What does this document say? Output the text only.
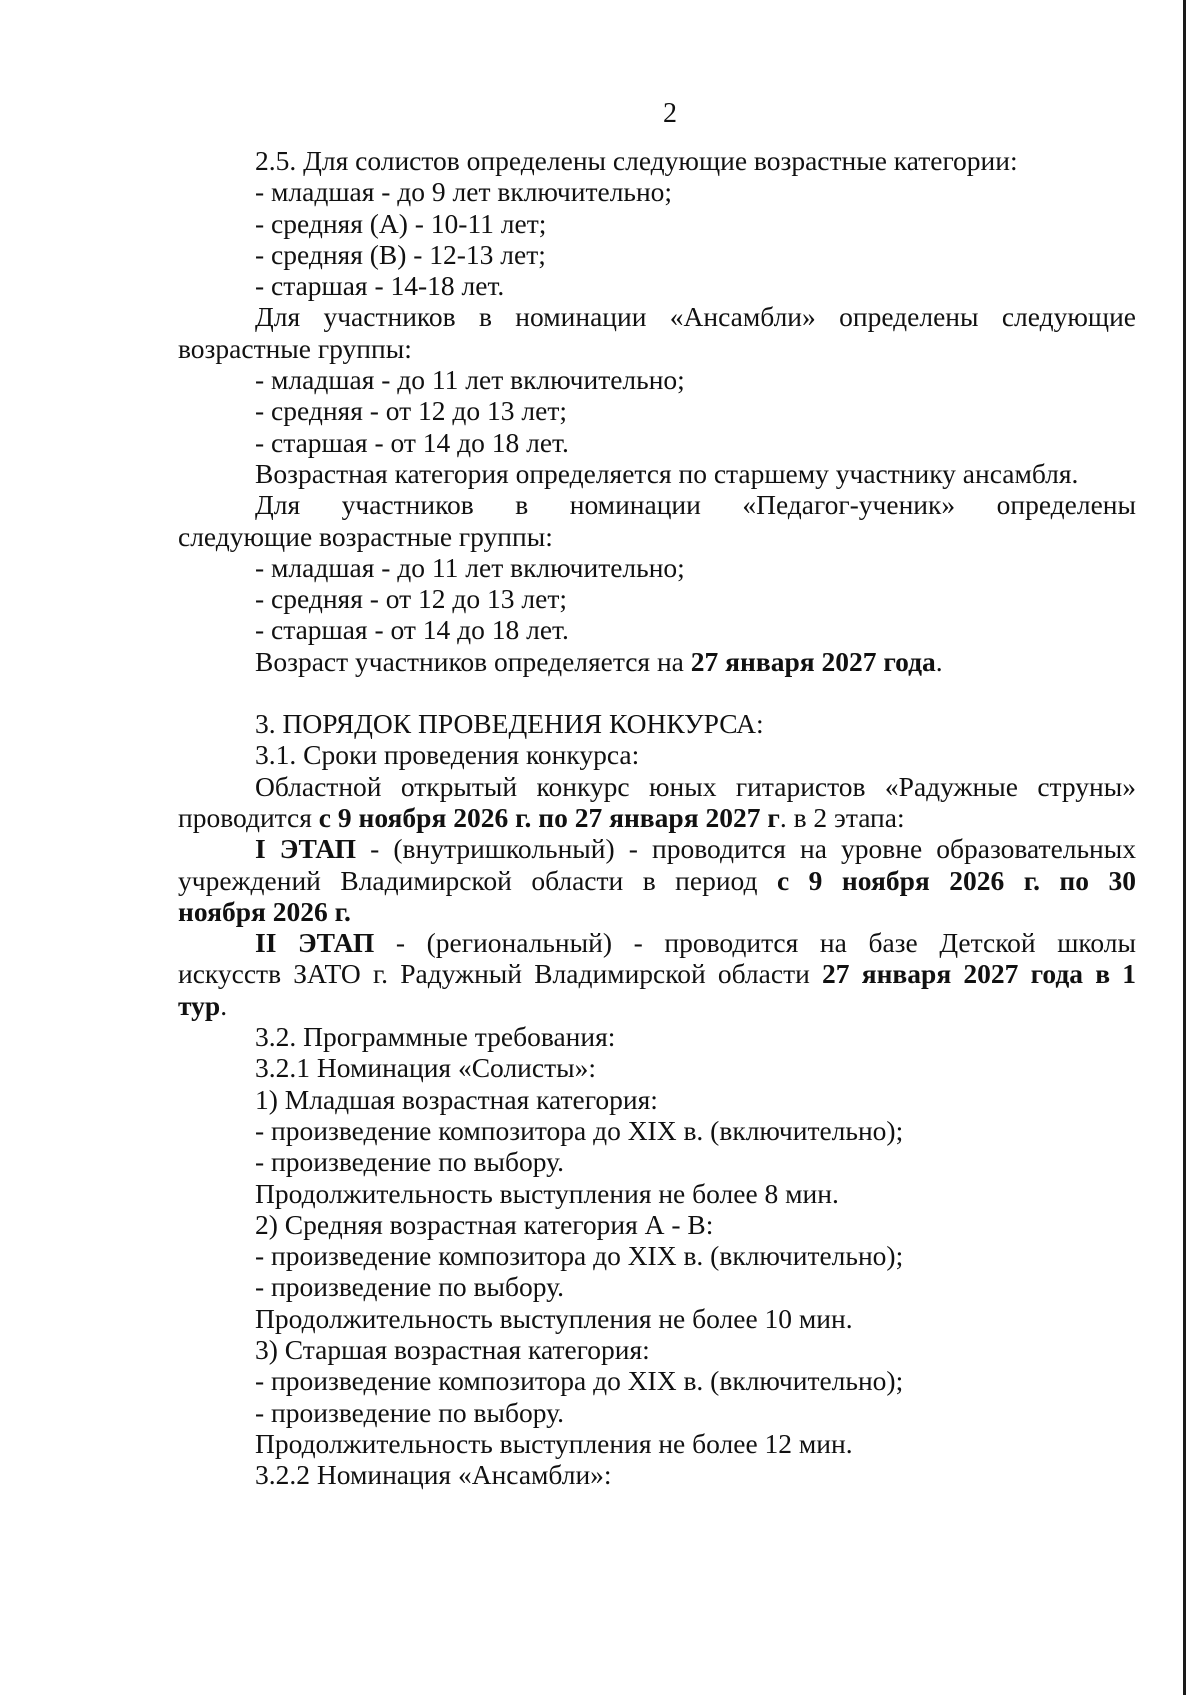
2
2.5. Для солистов определены следующие возрастные категории:
- младшая - до 9 лет включительно;
- средняя (А) - 10-11 лет;
- средняя (В) - 12-13 лет;
- старшая - 14-18 лет.
Для участников в номинации «Ансамбли» определены следующие
возрастные группы:
- младшая - до 11 лет включительно;
- средняя - от 12 до 13 лет;
- старшая - от 14 до 18 лет.
Возрастная категория определяется по старшему участнику ансамбля.
Для участников в номинации «Педагог-ученик» определены
следующие возрастные группы:
- младшая - до 11 лет включительно;
- средняя - от 12 до 13 лет;
- старшая - от 14 до 18 лет.
Возраст участников определяется на 27 января 2027 года.
3. ПОРЯДОК ПРОВЕДЕНИЯ КОНКУРСА:
3.1. Сроки проведения конкурса:
Областной открытый конкурс юных гитаристов «Радужные струны»
проводится с 9 ноября 2026 г. по 27 января 2027 г. в 2 этапа:
I ЭТАП - (внутришкольный) - проводится на уровне образовательных
учреждений Владимирской области в период с 9 ноября 2026 г. по 30
ноября 2026 г.
II ЭТАП - (региональный) - проводится на базе Детской школы
искусств ЗАТО г. Радужный Владимирской области 27 января 2027 года в 1
тур.
3.2. Программные требования:
3.2.1 Номинация «Солисты»:
1) Младшая возрастная категория:
- произведение композитора до XIX в. (включительно);
- произведение по выбору.
Продолжительность выступления не более 8 мин.
2) Средняя возрастная категория А - В:
- произведение композитора до XIX в. (включительно);
- произведение по выбору.
Продолжительность выступления не более 10 мин.
3) Старшая возрастная категория:
- произведение композитора до XIX в. (включительно);
- произведение по выбору.
Продолжительность выступления не более 12 мин.
3.2.2 Номинация «Ансамбли»:
